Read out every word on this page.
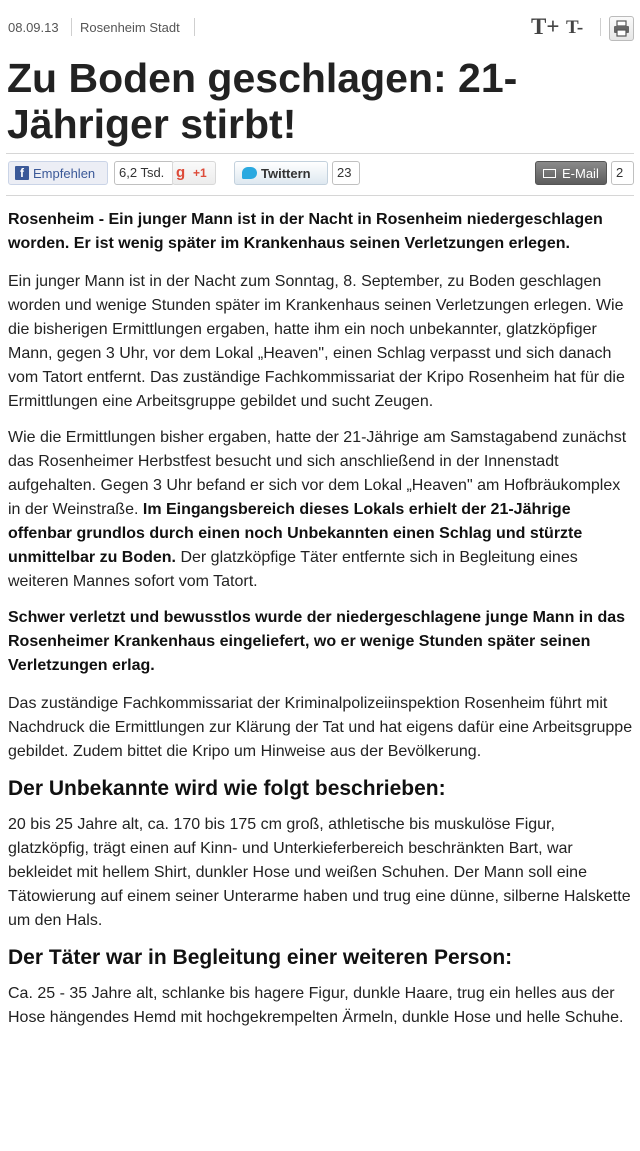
08.09.13 Rosenheim Stadt	T+ T-
Zu Boden geschlagen: 21-Jähriger stirbt!
f Empfehlen	6,2 Tsd. g +1	Twittern	23	E-Mail	2

Rosenheim - Ein junger Mann ist in der Nacht in Rosenheim niedergeschlagen worden. Er ist wenig später im Krankenhaus seinen Verletzungen erlegen.

Ein junger Mann ist in der Nacht zum Sonntag, 8. September, zu Boden geschlagen worden und wenige Stunden später im Krankenhaus seinen Verletzungen erlegen. Wie die bisherigen Ermittlungen ergaben, hatte ihm ein noch unbekannter, glatzköpfiger Mann, gegen 3 Uhr, vor dem Lokal „Heaven", einen Schlag verpasst und sich danach vom Tatort entfernt. Das zuständige Fachkommissariat der Kripo Rosenheim hat für die Ermittlungen eine Arbeitsgruppe gebildet und sucht Zeugen.

Wie die Ermittlungen bisher ergaben, hatte der 21-Jährige am Samstagabend zunächst das Rosenheimer Herbstfest besucht und sich anschließend in der Innenstadt aufgehalten. Gegen 3 Uhr befand er sich vor dem Lokal „Heaven" am Hofbräukomplex in der Weinstraße. Im Eingangsbereich dieses Lokals erhielt der 21-Jährige offenbar grundlos durch einen noch Unbekannten einen Schlag und stürzte unmittelbar zu Boden. Der glatzköpfige Täter entfernte sich in Begleitung eines weiteren Mannes sofort vom Tatort.

Schwer verletzt und bewusstlos wurde der niedergeschlagene junge Mann in das Rosenheimer Krankenhaus eingeliefert, wo er wenige Stunden später seinen Verletzungen erlag.

Das zuständige Fachkommissariat der Kriminalpolizeiinspektion Rosenheim führt mit Nachdruck die Ermittlungen zur Klärung der Tat und hat eigens dafür eine Arbeitsgruppe gebildet. Zudem bittet die Kripo um Hinweise aus der Bevölkerung.

Der Unbekannte wird wie folgt beschrieben:

20 bis 25 Jahre alt, ca. 170 bis 175 cm groß, athletische bis muskulöse Figur, glatzköpfig, trägt einen auf Kinn- und Unterkieferbereich beschränkten Bart, war bekleidet mit hellem Shirt, dunkler Hose und weißen Schuhen. Der Mann soll eine Tätowierung auf einem seiner Unterarme haben und trug eine dünne, silberne Halskette um den Hals.

Der Täter war in Begleitung einer weiteren Person:

Ca. 25 - 35 Jahre alt, schlanke bis hagere Figur, dunkle Haare, trug ein helles aus der Hose hängendes Hemd mit hochgekrempelten Ärmeln, dunkle Hose und helle Schuhe.
